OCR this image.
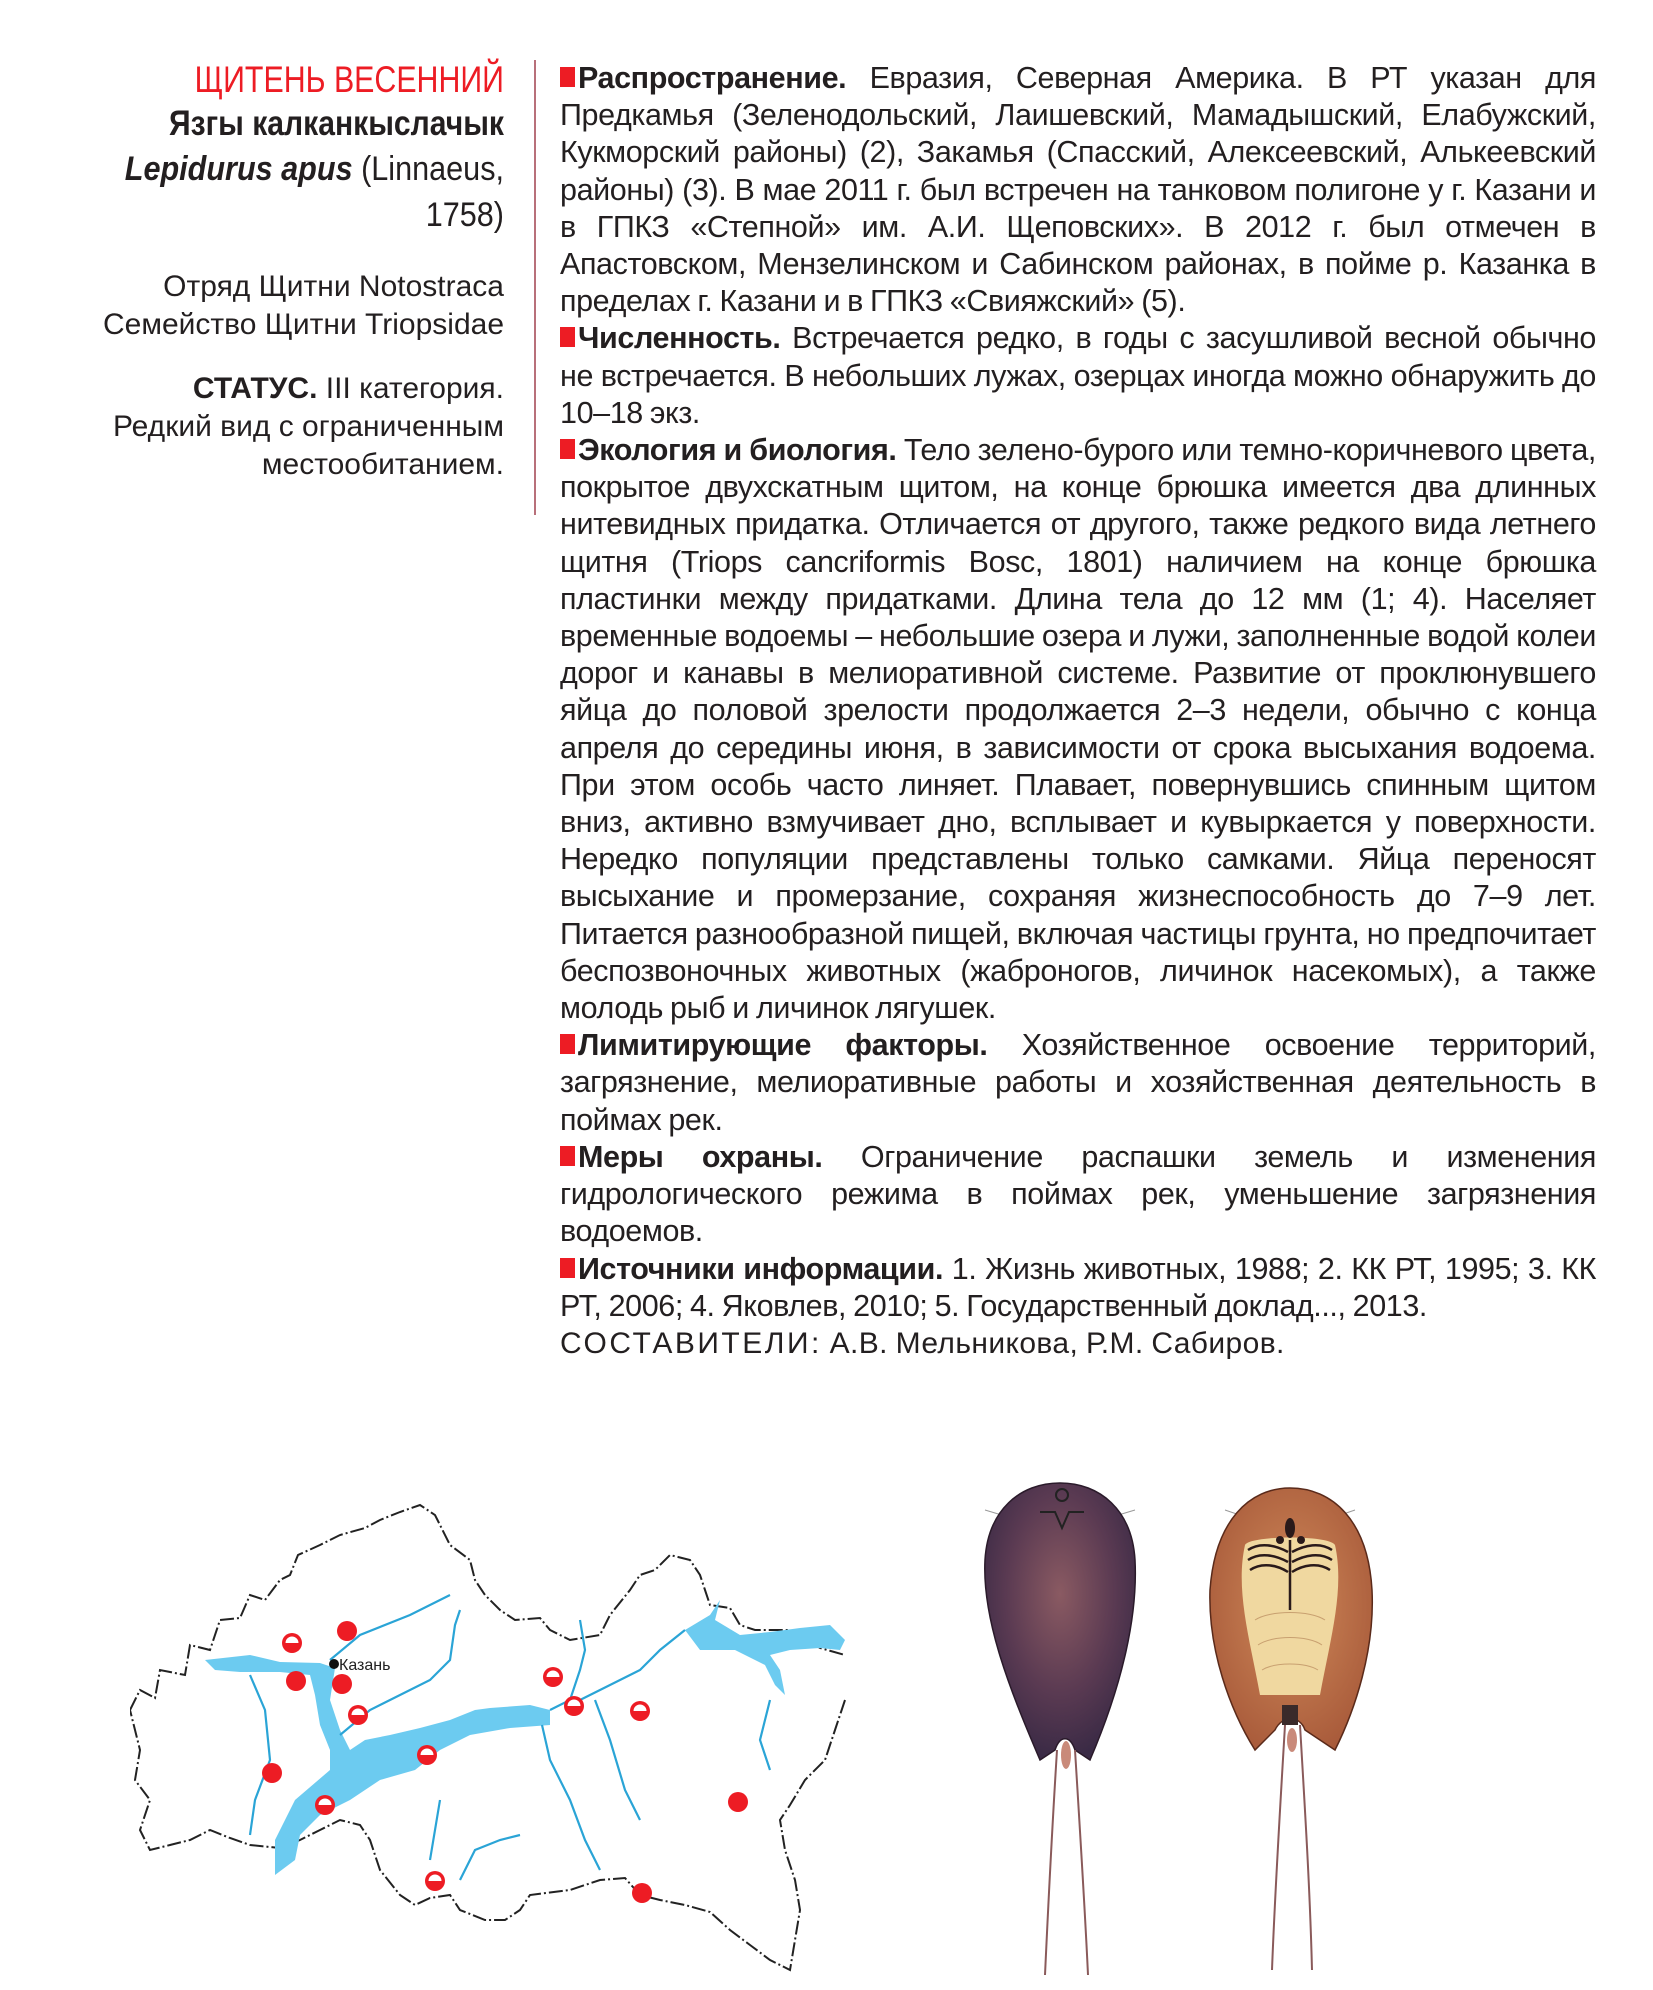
ЩИТЕНЬ ВЕСЕННИЙ
Язгы калканкыслачык
Lepidurus apus (Linnaeus,
1758)
Отряд Щитни Notostraca
Семейство Щитни Triopsidae
СТАТУС. III категория.
Редкий вид с ограниченным
местообитанием.

Распространение. Евразия, Северная Америка. В РТ указан для Предкамья (Зеленодольский, Лаишевский, Мамадышский, Елабужский, Кукморский районы) (2), Закамья (Спасский, Алексеевский, Алькеевский районы) (3). В мае 2011 г. был встречен на танковом полигоне у г. Казани и в ГПКЗ «Степной» им. А.И. Щеповских». В 2012 г. был отмечен в Апастовском, Мензелинском и Сабинском районах, в пойме р. Казанка в пределах г. Казани и в ГПКЗ «Свияжский» (5).

Численность. Встречается редко, в годы с засушливой весной обычно не встречается. В небольших лужах, озерцах иногда можно обнаружить до 10–18 экз.

Экология и биология. Тело зелено-бурого или темно-коричневого цвета, покрытое двухскатным щитом, на конце брюшка имеется два длинных нитевидных придатка. Отличается от другого, также редкого вида летнего щитня (Triops cancriformis Bosc, 1801) наличием на конце брюшка пластинки между придатками. Длина тела до 12 мм (1; 4). Населяет временные водоемы – небольшие озера и лужи, заполненные водой колеи дорог и канавы в мелиоративной системе. Развитие от проклюнувшего яйца до половой зрелости продолжается 2–3 недели, обычно с конца апреля до середины июня, в зависимости от срока высыхания водоема. При этом особь часто линяет. Плавает, повернувшись спинным щитом вниз, активно взмучивает дно, всплывает и кувыркается у поверхности. Нередко популяции представлены только самками. Яйца переносят высыхание и промерзание, сохраняя жизнеспособность до 7–9 лет. Питается разнообразной пищей, включая частицы грунта, но предпочитает беспозвоночных животных (жаброногов, личинок насекомых), а также молодь рыб и личинок лягушек.

Лимитирующие факторы. Хозяйственное освоение территорий, загрязнение, мелиоративные работы и хозяйственная деятельность в поймах рек.

Меры охраны. Ограничение распашки земель и изменения гидрологического режима в поймах рек, уменьшение загрязнения водоемов.

Источники информации. 1. Жизнь животных, 1988; 2. КК РТ, 1995; 3. КК РТ, 2006; 4. Яковлев, 2010; 5. Государственный доклад..., 2013.

СОСТАВИТЕЛИ: А.В. Мельникова, Р.М. Сабиров.

Казань
